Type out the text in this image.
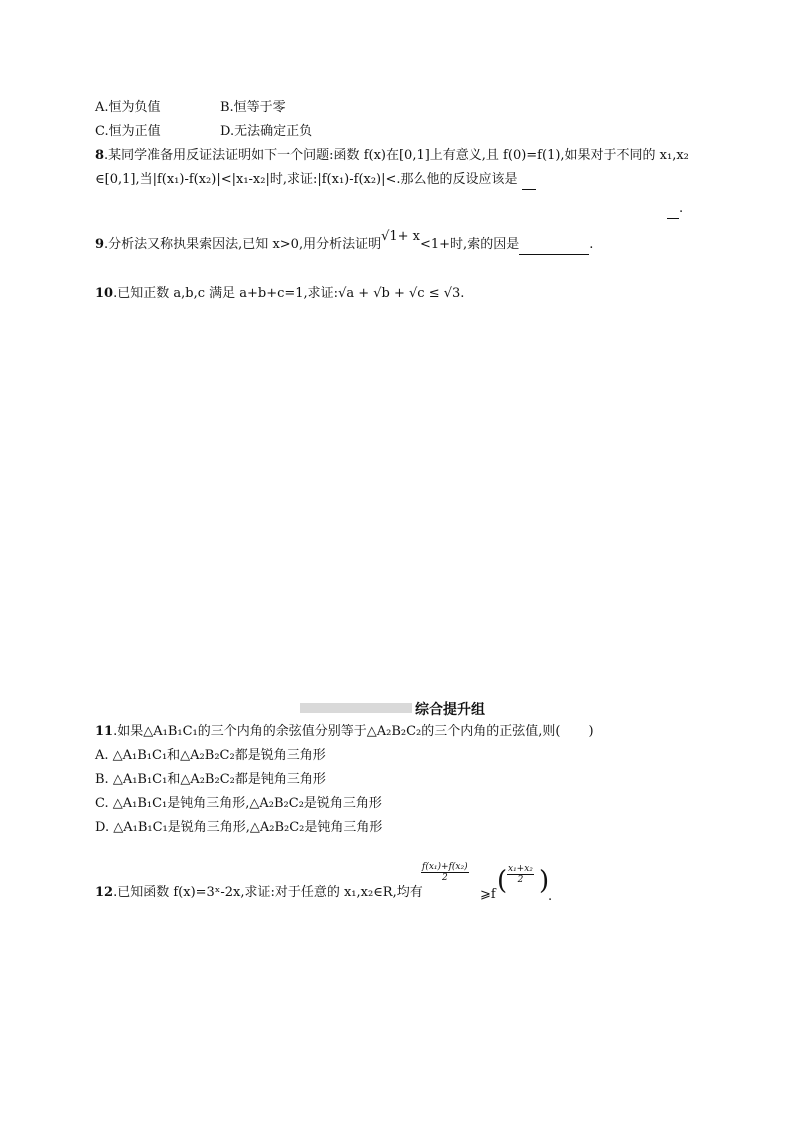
A.恒为负值	B.恒等于零
C.恒为正值	D.无法确定正负
8.某同学准备用反证法证明如下一个问题:函数 f(x)在[0,1]上有意义,且 f(0)=f(1),如果对于不同的 x₁,x₂
∈[0,1],当|f(x₁)-f(x₂)|<|x₁-x₂|时,求证:|f(x₁)-f(x₂)|<.那么他的反设应该是
.
9.分析法又称执果索因法,已知 x>0,用分析法证明√1+ x<1+时,索的因是	.
10.已知正数 a,b,c 满足 a+b+c=1,求证:√a + √b + √c ≤ √3.
综合提升组
11.如果△A₁B₁C₁的三个内角的余弦值分别等于△A₂B₂C₂的三个内角的正弦值,则( )
A. △A₁B₁C₁和△A₂B₂C₂都是锐角三角形
B. △A₁B₁C₁和△A₂B₂C₂都是钝角三角形
C. △A₁B₁C₁是钝角三角形,△A₂B₂C₂是锐角三角形
D. △A₁B₁C₁是锐角三角形,△A₂B₂C₂是钝角三角形
12.已知函数 f(x)=3ˣ-2x,求证:对于任意的 x₁,x₂∈R,均有
$\frac{\text{f(x₁)+f(x₂)}}{2}$
⩾f ( $\frac{\text{x₁+x₂}}{2}$ )
.
